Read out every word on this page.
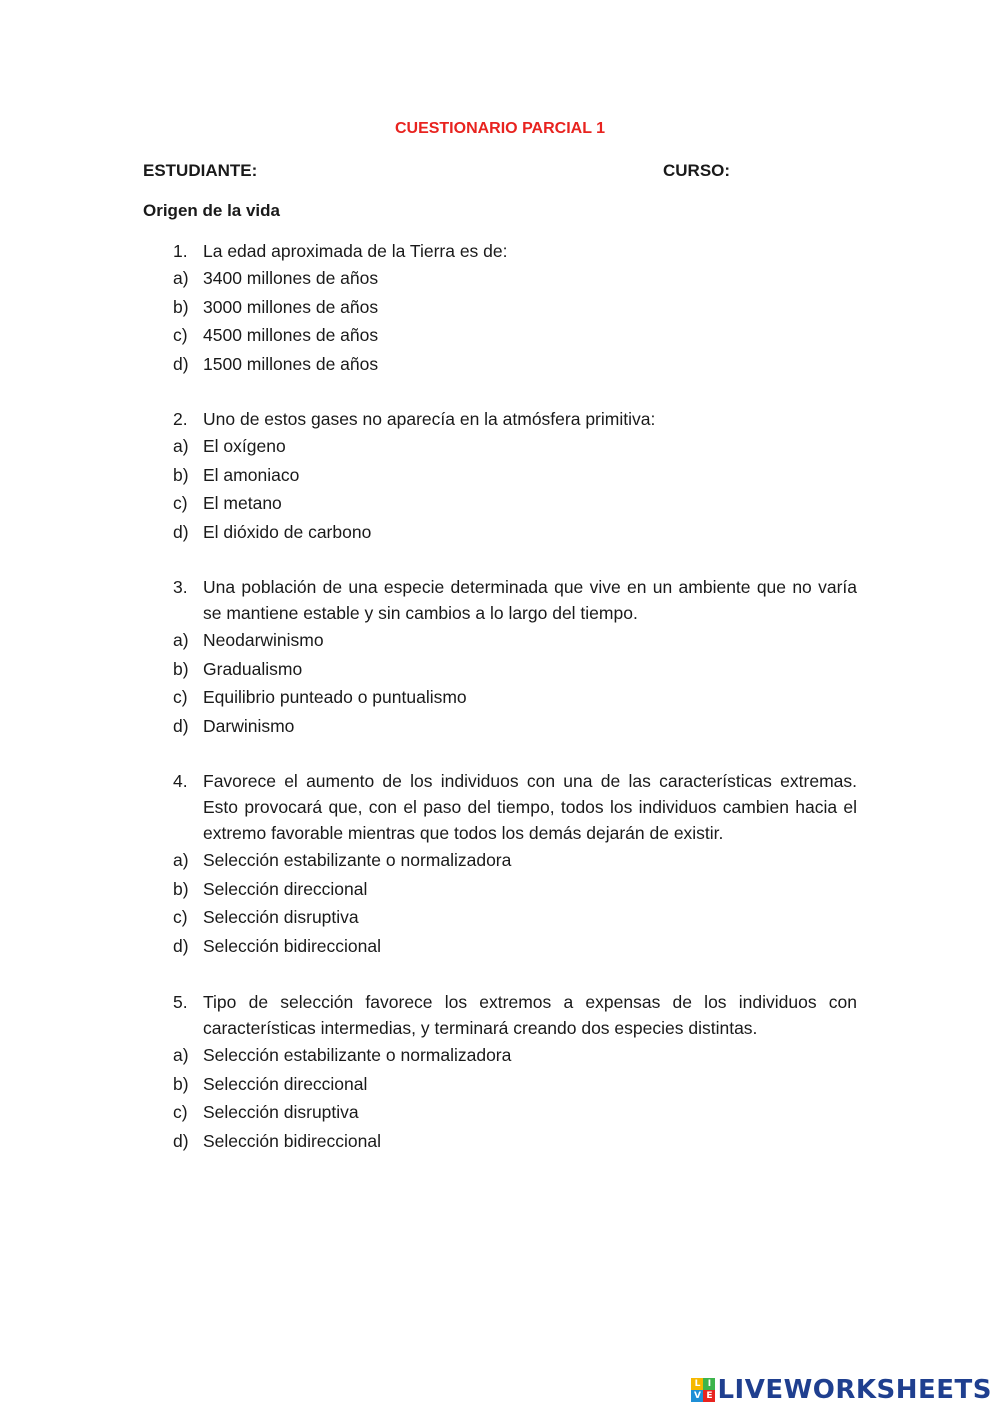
CUESTIONARIO PARCIAL 1
ESTUDIANTE:	CURSO:
Origen de la vida
1. La edad aproximada de la Tierra es de:
a) 3400 millones de años
b) 3000 millones de años
c) 4500 millones de años
d) 1500 millones de años
2. Uno de estos gases no aparecía en la atmósfera primitiva:
a) El oxígeno
b) El amoniaco
c) El metano
d) El dióxido de carbono
3. Una población de una especie determinada que vive en un ambiente que no varía se mantiene estable y sin cambios a lo largo del tiempo.
a) Neodarwinismo
b) Gradualismo
c) Equilibrio punteado o puntualismo
d) Darwinismo
4. Favorece el aumento de los individuos con una de las características extremas. Esto provocará que, con el paso del tiempo, todos los individuos cambien hacia el extremo favorable mientras que todos los demás dejarán de existir.
a) Selección estabilizante o normalizadora
b) Selección direccional
c) Selección disruptiva
d) Selección bidireccional
5. Tipo de selección favorece los extremos a expensas de los individuos con características intermedias, y terminará creando dos especies distintas.
a) Selección estabilizante o normalizadora
b) Selección direccional
c) Selección disruptiva
d) Selección bidireccional
L I
V E LIVEWORKSHEETS
